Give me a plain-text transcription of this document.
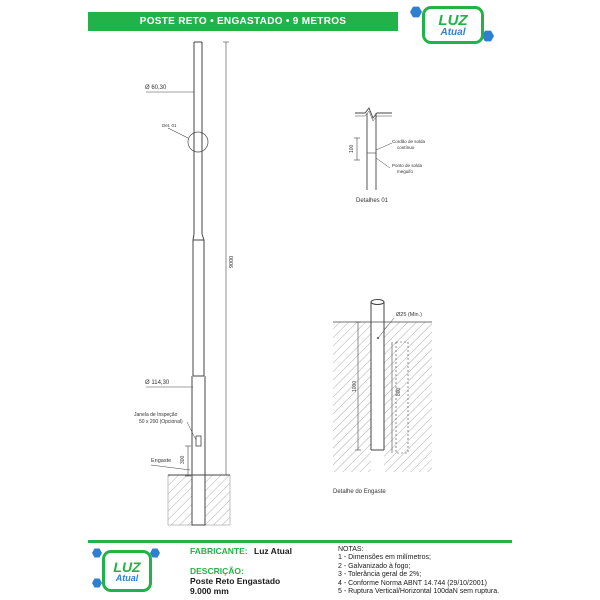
POSTE RETO • ENGASTADO • 9 METROS	LUZ
Atual
Ø 60,30
Det. 01
Ø 114,30
Janela de Inspeção
50 x 200 (Opcional)
300
Engaste
9000
100
Cordão de solda
contínuo
Ponto de solda
meguifo
Detalhes 01
Ø25 (Min.)
1000	800
Detalhe do Engaste
LUZ
Atual
FABRICANTE: Luz Atual
DESCRIÇÃO:
Poste Reto Engastado
9.000 mm
NOTAS:
1 - Dimensões em milímetros;
2 - Galvanizado à fogo;
3 - Tolerância geral de 2%;
4 - Conforme Norma ABNT 14.744 (29/10/2001)
5 - Ruptura Vertical/Horizontal 100daN sem ruptura.
